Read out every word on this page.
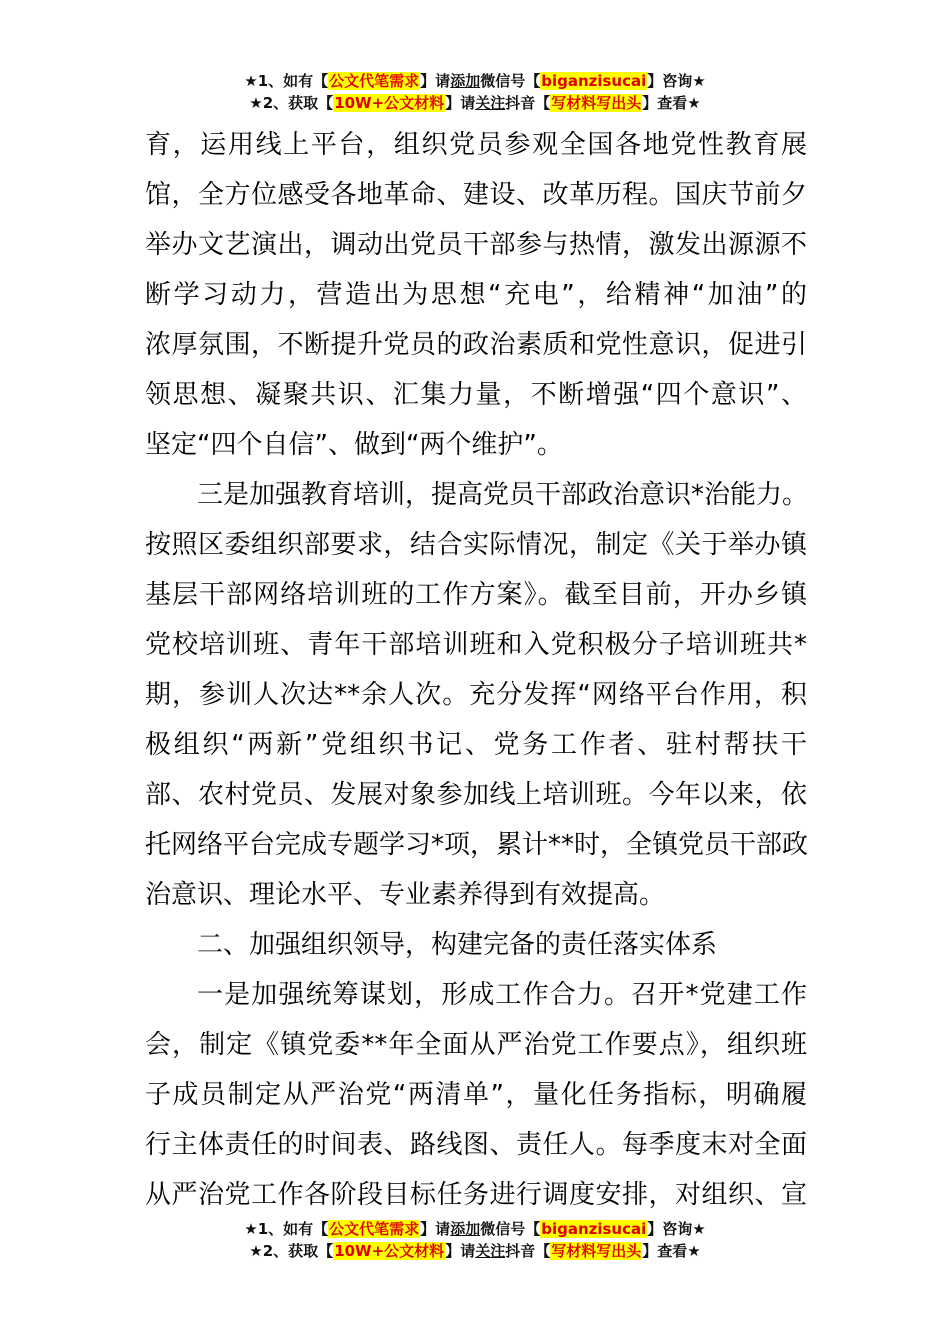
★1、如有【公文代笔需求】请添加微信号【biganzisucai】咨询★
★2、获取【10W+公文材料】请关注抖音【写材料写出头】查看★
育，运用线上平台，组织党员参观全国各地党性教育展
馆，全方位感受各地革命、建设、改革历程。国庆节前夕
举办文艺演出，调动出党员干部参与热情，激发出源源不
断学习动力，营造出为思想“充电”，给精神“加油”的
浓厚氛围，不断提升党员的政治素质和党性意识，促进引
领思想、凝聚共识、汇集力量，不断增强“四个意识”、
坚定“四个自信”、做到“两个维护”。
三是加强教育培训，提高党员干部政治意识*治能力。
按照区委组织部要求，结合实际情况，制定《关于举办镇
基层干部网络培训班的工作方案》。截至目前，开办乡镇
党校培训班、青年干部培训班和入党积极分子培训班共*
期，参训人次达**余人次。充分发挥“网络平台作用，积
极组织“两新”党组织书记、党务工作者、驻村帮扶干
部、农村党员、发展对象参加线上培训班。今年以来，依
托网络平台完成专题学习*项，累计**时，全镇党员干部政
治意识、理论水平、专业素养得到有效提高。
二、加强组织领导，构建完备的责任落实体系
一是加强统筹谋划，形成工作合力。召开*党建工作
会，制定《镇党委**年全面从严治党工作要点》，组织班
子成员制定从严治党“两清单”，量化任务指标，明确履
行主体责任的时间表、路线图、责任人。每季度末对全面
从严治党工作各阶段目标任务进行调度安排，对组织、宣
★1、如有【公文代笔需求】请添加微信号【biganzisucai】咨询★
★2、获取【10W+公文材料】请关注抖音【写材料写出头】查看★
